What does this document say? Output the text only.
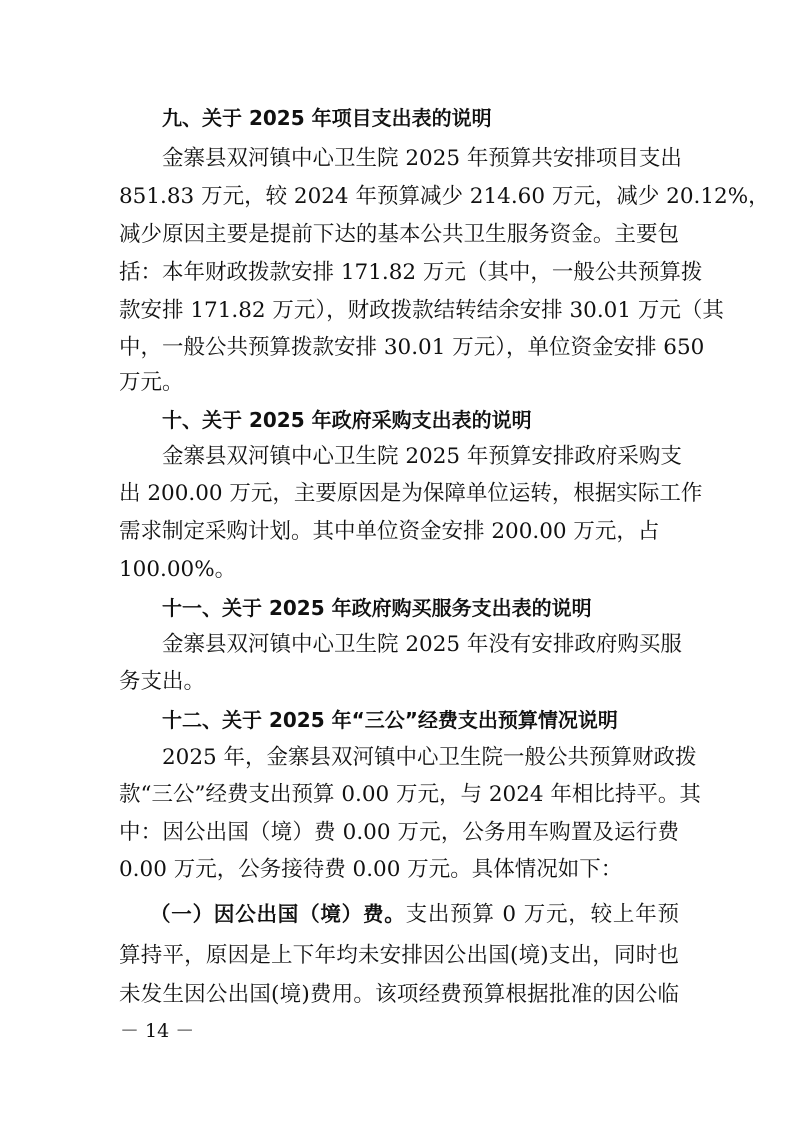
九、关于 2025 年项目支出表的说明
金寨县双河镇中心卫生院 2025 年预算共安排项目支出
851.83 万元，较 2024 年预算减少 214.60 万元，减少 20.12%，
减少原因主要是提前下达的基本公共卫生服务资金。主要包
括：本年财政拨款安排 171.82 万元（其中，一般公共预算拨
款安排 171.82 万元），财政拨款结转结余安排 30.01 万元（其
中，一般公共预算拨款安排 30.01 万元），单位资金安排 650
万元。
十、关于 2025 年政府采购支出表的说明
金寨县双河镇中心卫生院 2025 年预算安排政府采购支
出 200.00 万元，主要原因是为保障单位运转，根据实际工作
需求制定采购计划。其中单位资金安排 200.00 万元，占
100.00%。
十一、关于 2025 年政府购买服务支出表的说明
金寨县双河镇中心卫生院 2025 年没有安排政府购买服
务支出。
十二、关于 2025 年“三公”经费支出预算情况说明
2025 年，金寨县双河镇中心卫生院一般公共预算财政拨
款“三公”经费支出预算 0.00 万元，与 2024 年相比持平。其
中：因公出国（境）费 0.00 万元，公务用车购置及运行费
0.00 万元，公务接待费 0.00 万元。具体情况如下：
（一）因公出国（境）费。支出预算 0 万元，较上年预
算持平，原因是上下年均未安排因公出国(境)支出，同时也
未发生因公出国(境)费用。该项经费预算根据批准的因公临
－ 14 －
